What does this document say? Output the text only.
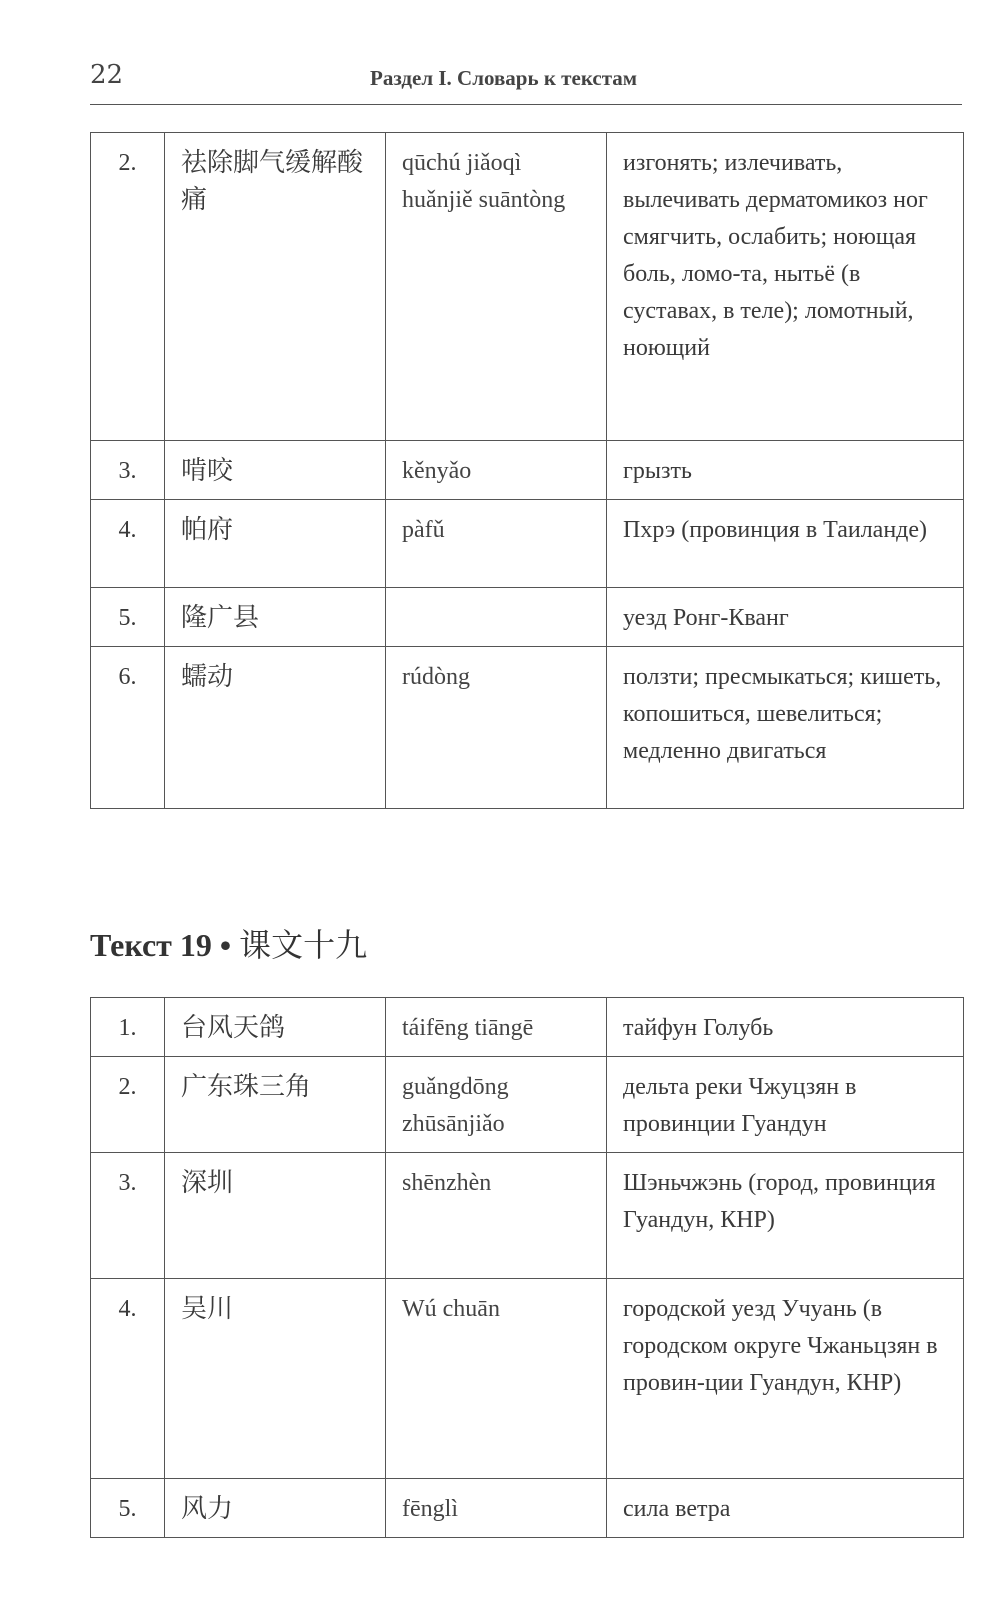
22	Раздел I. Словарь к текстам
2.	祛除脚气缓解酸痛	qūchú jiǎoqì huǎnjiě suāntòng	изгонять; излечивать, вылечивать дерматомикоз ног смягчить, ослабить; ноющая боль, ломо-та, нытьё (в суставах, в теле); ломотный, ноющий
3.	啃咬	kěnyǎo	грызть
4.	帕府	pàfǔ	Пхрэ (провинция в Таиланде)
5.	隆广县		уезд Ронг-Кванг
6.	蠕动	rúdòng	ползти; пресмыкаться; кишеть, копошиться, шевелиться; медленно двигаться
Текст 19 • 课文十九
1.	台风天鸽	táifēng tiāngē	тайфун Голубь
2.	广东珠三角	guǎngdōng zhūsānjiǎo	дельта реки Чжуцзян в провинции Гуандун
3.	深圳	shēnzhèn	Шэньчжэнь (город, провинция Гуандун, КНР)
4.	吴川	Wú chuān	городской уезд Учуань (в городском округе Чжаньцзян в провин-ции Гуандун, КНР)
5.	风力	fēnglì	сила ветра
